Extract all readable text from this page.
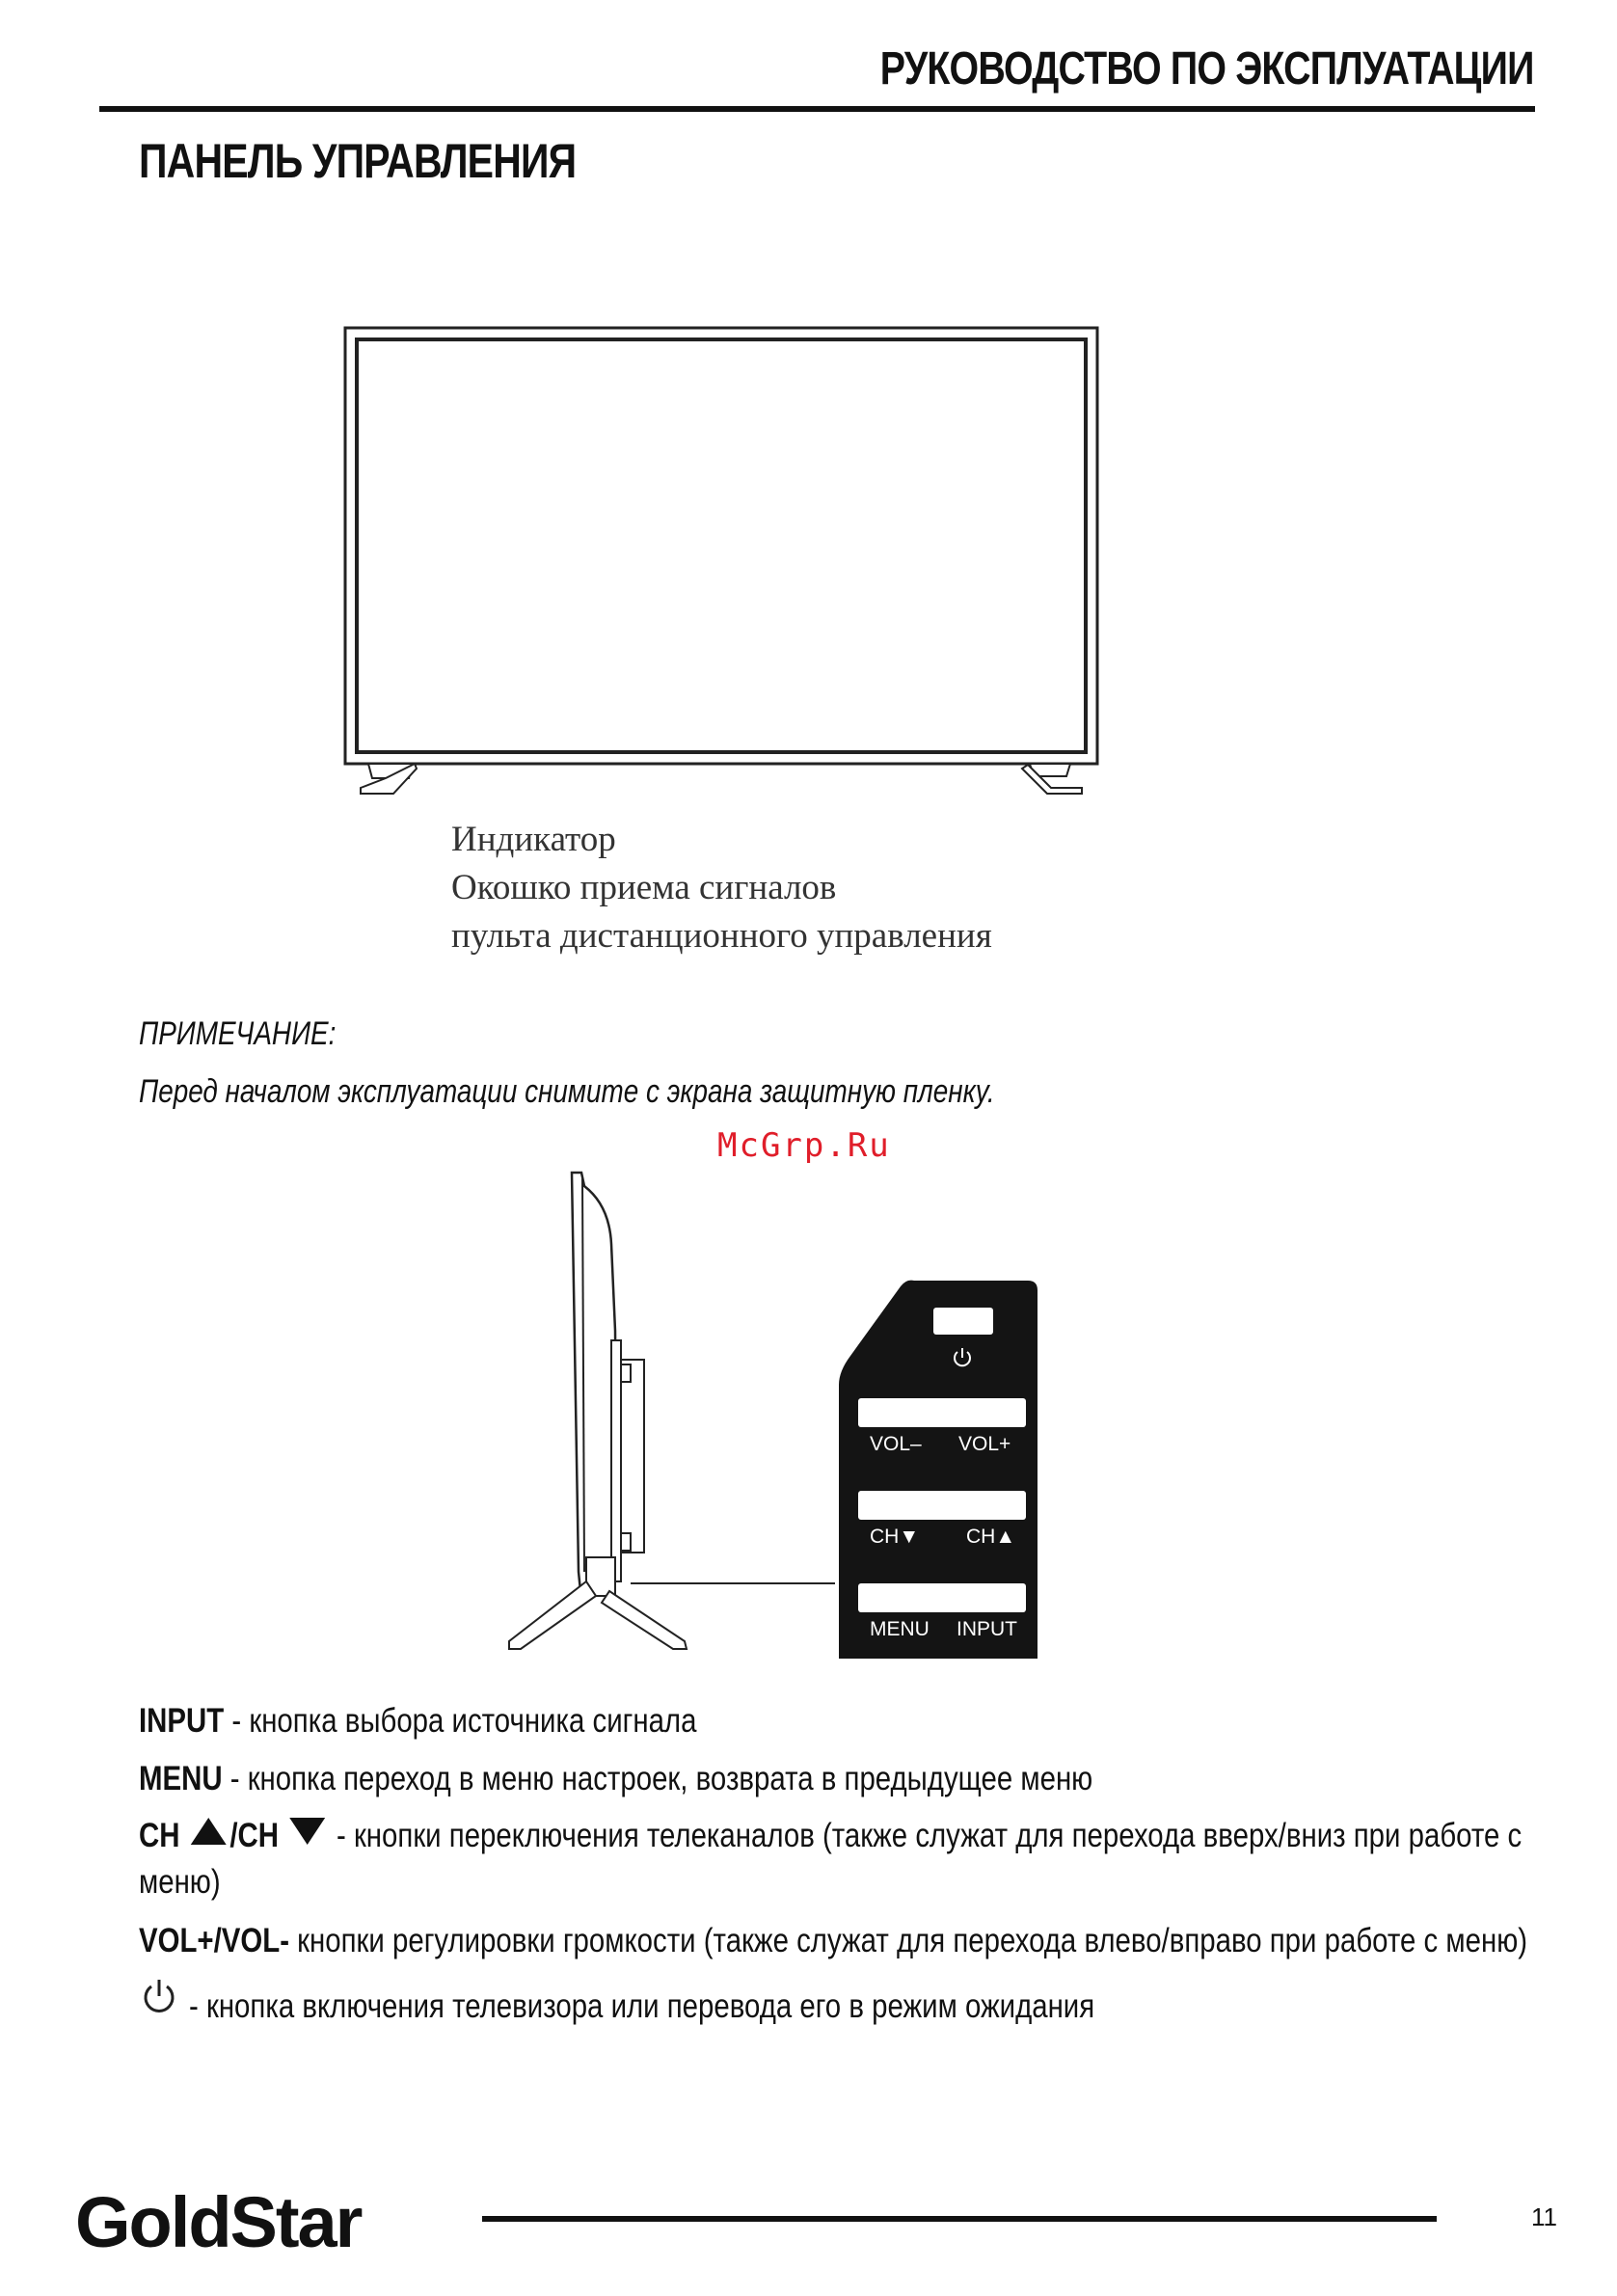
РУКОВОДСТВО ПО ЭКСПЛУАТАЦИИ
ПАНЕЛЬ УПРАВЛЕНИЯ
Индикатор
Окошко приема сигналов
пульта дистанционного управления
ПРИМЕЧАНИЕ:
Перед началом эксплуатации снимите с экрана защитную пленку.
McGrp.Ru
VOL– VOL+
CH▼ CH▲
MENU INPUT
INPUT - кнопка выбора источника сигнала
MENU - кнопка переход в меню настроек, возврата в предыдущее меню
CH /CH  - кнопки переключения телеканалов (также служат для перехода вверх/вниз при работе с меню)
VOL+/VOL- кнопки регулировки громкости (также служат для перехода влево/вправо при работе с меню)
- кнопка включения телевизора или перевода его в режим ожидания
GoldStar	11
